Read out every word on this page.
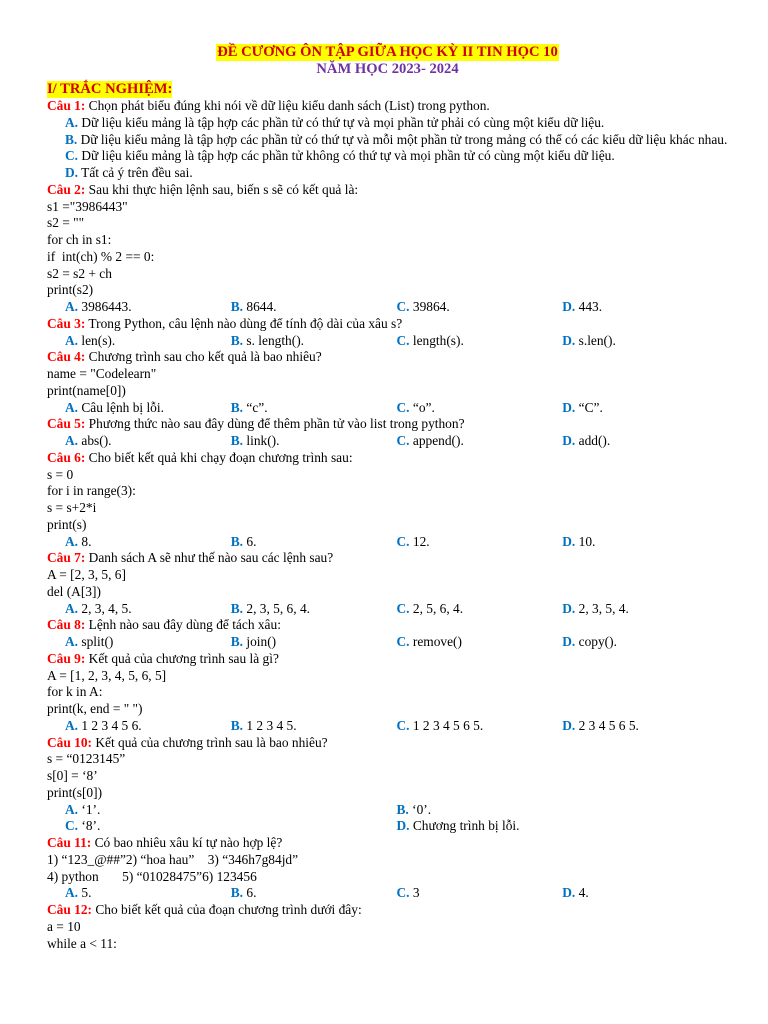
ĐỀ CƯƠNG ÔN TẬP GIỮA HỌC KỲ II TIN HỌC 10
NĂM HỌC 2023- 2024
I/ TRẮC NGHIỆM:
Câu 1: Chọn phát biểu đúng khi nói về dữ liệu kiểu danh sách (List) trong python.
A. Dữ liệu kiểu mảng là tập hợp các phần tử có thứ tự và mọi phần tử phải có cùng một kiểu dữ liệu.
B. Dữ liệu kiểu mảng là tập hợp các phần tử có thứ tự và mỗi một phần tử trong mảng có thể có các kiểu dữ liệu khác nhau.
C. Dữ liệu kiểu mảng là tập hợp các phần tử không có thứ tự và mọi phần tử có cùng một kiểu dữ liệu.
D. Tất cả ý trên đều sai.
Câu 2: Sau khi thực hiện lệnh sau, biến s sẽ có kết quả là:
s1 ="3986443"
s2 = ""
for ch in s1:
if  int(ch) % 2 == 0:
s2 = s2 + ch
print(s2)
A. 3986443.	B. 8644.	C. 39864.	D. 443.
Câu 3: Trong Python, câu lệnh nào dùng để tính độ dài của xâu s?
A. len(s).	B. s. length().	C. length(s).	D. s.len().
Câu 4: Chương trình sau cho kết quả là bao nhiêu?
name = "Codelearn"
print(name[0])
A. Câu lệnh bị lỗi.	B. “c”.	C. “o”.	D. “C”.
Câu 5: Phương thức nào sau đây dùng để thêm phần tử vào list trong python?
A. abs().	B. link().	C. append().	D. add().
Câu 6: Cho biết kết quả khi chạy đoạn chương trình sau:
s = 0
for i in range(3):
s = s+2*i
print(s)
A. 8.	B. 6.	C. 12.	D. 10.
Câu 7: Danh sách A sẽ như thế nào sau các lệnh sau?
A = [2, 3, 5, 6]
del (A[3])
A. 2, 3, 4, 5.	B. 2, 3, 5, 6, 4.	C. 2, 5, 6, 4.	D. 2, 3, 5, 4.
Câu 8: Lệnh nào sau đây dùng để tách xâu:
A. split()	B. join()	C. remove()	D. copy().
Câu 9: Kết quả của chương trình sau là gì?
A = [1, 2, 3, 4, 5, 6, 5]
for k in A:
print(k, end = " ")
A. 1 2 3 4 5 6.	B. 1 2 3 4 5.	C. 1 2 3 4 5 6 5.	D. 2 3 4 5 6 5.
Câu 10: Kết quả của chương trình sau là bao nhiêu?
s = “0123145”
s[0] = ‘8’
print(s[0])
A. ‘1’.	B. ‘0’.
C. ‘8’.	D. Chương trình bị lỗi.
Câu 11: Có bao nhiêu xâu kí tự nào hợp lệ?
1) “123_@##”2) “hoa hau”    3) “346h7g84jd”
4) python       5) “01028475”6) 123456
A. 5.	B. 6.	C. 3	D. 4.
Câu 12: Cho biết kết quả của đoạn chương trình dưới đây:
a = 10
while a < 11:
